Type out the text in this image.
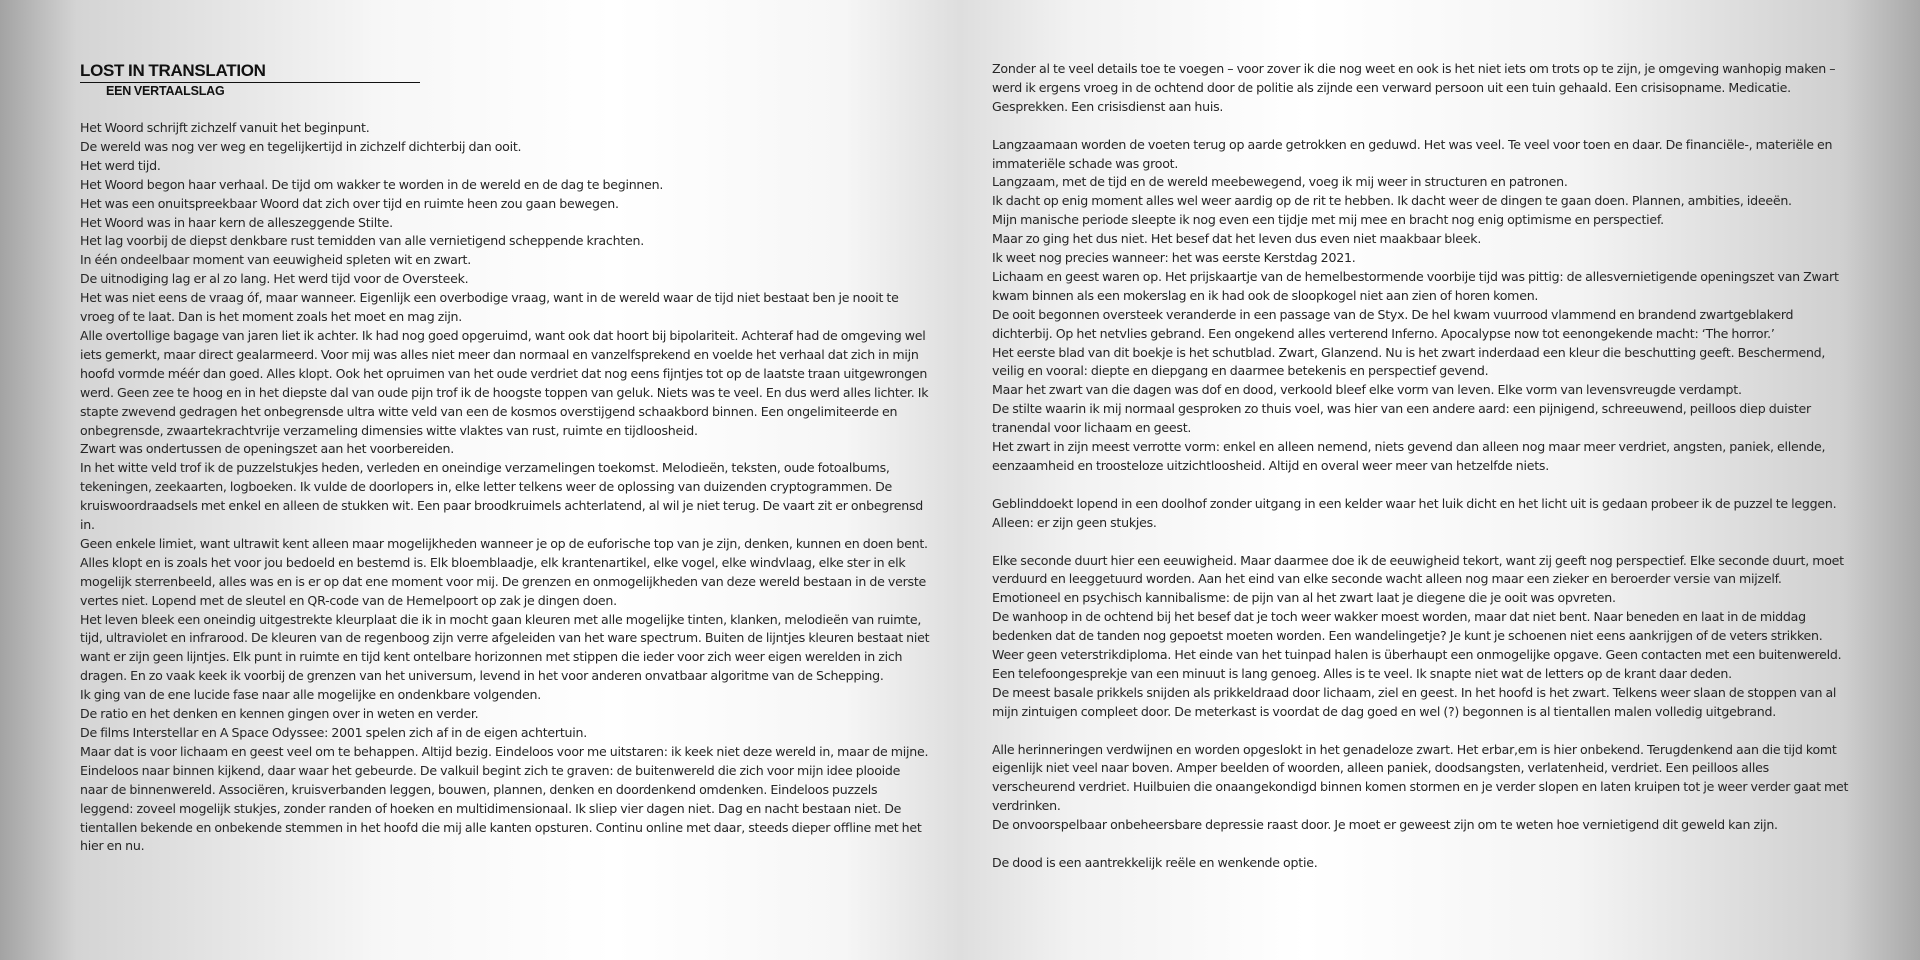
LOST IN TRANSLATION
EEN VERTAALSLAG

Het Woord schrijft zichzelf vanuit het beginpunt.

De wereld was nog ver weg en tegelijkertijd in zichzelf dichterbij dan ooit.

Het werd tijd.

Het Woord begon haar verhaal. De tijd om wakker te worden in de wereld en de dag te beginnen.

Het was een onuitspreekbaar Woord dat zich over tijd en ruimte heen zou gaan bewegen.

Het Woord was in haar kern de alleszeggende Stilte.

Het lag voorbij de diepst denkbare rust temidden van alle vernietigend scheppende krachten.

In één ondeelbaar moment van eeuwigheid spleten wit en zwart.

De uitnodiging lag er al zo lang. Het werd tijd voor de Oversteek.

Het was niet eens de vraag óf, maar wanneer. Eigenlijk een overbodige vraag, want in de wereld waar de tijd niet bestaat ben je nooit te vroeg of te laat. Dan is het moment zoals het moet en mag zijn.

Alle overtollige bagage van jaren liet ik achter. Ik had nog goed opgeruimd, want ook dat hoort bij bipolariteit. Achteraf had de omgeving wel iets gemerkt, maar direct gealarmeerd. Voor mij was alles niet meer dan normaal en vanzelfsprekend en voelde het verhaal dat zich in mijn hoofd vormde méér dan goed. Alles klopt. Ook het opruimen van het oude verdriet dat nog eens fijntjes tot op de laatste traan uitgewrongen werd. Geen zee te hoog en in het diepste dal van oude pijn trof ik de hoogste toppen van geluk. Niets was te veel. En dus werd alles lichter. Ik stapte zwevend gedragen het onbegrensde ultra witte veld van een de kosmos overstijgend schaakbord binnen. Een ongelimiteerde en onbegrensde, zwaartekrachtvrije verzameling dimensies witte vlaktes van rust, ruimte en tijdloosheid.

Zwart was ondertussen de openingszet aan het voorbereiden.

In het witte veld trof ik de puzzelstukjes heden, verleden en oneindige verzamelingen toekomst. Melodieën, teksten, oude fotoalbums, tekeningen, zeekaarten, logboeken. Ik vulde de doorlopers in, elke letter telkens weer de oplossing van duizenden cryptogrammen. De kruiswoordraadsels met enkel en alleen de stukken wit. Een paar broodkruimels achterlatend, al wil je niet terug. De vaart zit er onbegrensd in.

Geen enkele limiet, want ultrawit kent alleen maar mogelijkheden wanneer je op de euforische top van je zijn, denken, kunnen en doen bent. Alles klopt en is zoals het voor jou bedoeld en bestemd is. Elk bloemblaadje, elk krantenartikel, elke vogel, elke windvlaag, elke ster in elk mogelijk sterrenbeeld, alles was en is er op dat ene moment voor mij. De grenzen en onmogelijkheden van deze wereld bestaan in de verste vertes niet. Lopend met de sleutel en QR-code van de Hemelpoort op zak je dingen doen.

Het leven bleek een oneindig uitgestrekte kleurplaat die ik in mocht gaan kleuren met alle mogelijke tinten, klanken, melodieën van ruimte, tijd, ultraviolet en infrarood. De kleuren van de regenboog zijn verre afgeleiden van het ware spectrum. Buiten de lijntjes kleuren bestaat niet want er zijn geen lijntjes. Elk punt in ruimte en tijd kent ontelbare horizonnen met stippen die ieder voor zich weer eigen werelden in zich dragen. En zo vaak keek ik voorbij de grenzen van het universum, levend in het voor anderen onvatbaar algoritme van de Schepping.

Ik ging van de ene lucide fase naar alle mogelijke en ondenkbare volgenden.

De ratio en het denken en kennen gingen over in weten en verder.

De films Interstellar en A Space Odyssee: 2001 spelen zich af in de eigen achtertuin.

Maar dat is voor lichaam en geest veel om te behappen. Altijd bezig. Eindeloos voor me uitstaren: ik keek niet deze wereld in, maar de mijne. Eindeloos naar binnen kijkend, daar waar het gebeurde. De valkuil begint zich te graven: de buitenwereld die zich voor mijn idee plooide naar de binnenwereld. Associëren, kruisverbanden leggen, bouwen, plannen, denken en doordenkend omdenken. Eindeloos puzzels leggend: zoveel mogelijk stukjes, zonder randen of hoeken en multidimensionaal. Ik sliep vier dagen niet. Dag en nacht bestaan niet. De tientallen bekende en onbekende stemmen in het hoofd die mij alle kanten opsturen. Continu online met daar, steeds dieper offline met het hier en nu.

Zonder al te veel details toe te voegen – voor zover ik die nog weet en ook is het niet iets om trots op te zijn, je omgeving wanhopig maken – werd ik ergens vroeg in de ochtend door de politie als zijnde een verward persoon uit een tuin gehaald. Een crisisopname. Medicatie. Gesprekken. Een crisisdienst aan huis.

Langzaamaan worden de voeten terug op aarde getrokken en geduwd. Het was veel. Te veel voor toen en daar. De financiële-, materiële en immateriële schade was groot.

Langzaam, met de tijd en de wereld meebewegend, voeg ik mij weer in structuren en patronen.

Ik dacht op enig moment alles wel weer aardig op de rit te hebben. Ik dacht weer de dingen te gaan doen. Plannen, ambities, ideeën.

Mijn manische periode sleepte ik nog even een tijdje met mij mee en bracht nog enig optimisme en perspectief.

Maar zo ging het dus niet. Het besef dat het leven dus even niet maakbaar bleek.

Ik weet nog precies wanneer: het was eerste Kerstdag 2021.

Lichaam en geest waren op. Het prijskaartje van de hemelbestormende voorbije tijd was pittig: de allesvernietigende openingszet van Zwart kwam binnen als een mokerslag en ik had ook de sloopkogel niet aan zien of horen komen.

De ooit begonnen oversteek veranderde in een passage van de Styx. De hel kwam vuurrood vlammend en brandend zwartgeblakerd dichterbij. Op het netvlies gebrand. Een ongekend alles verterend Inferno. Apocalypse now tot eenongekende macht: ‘The horror.’

Het eerste blad van dit boekje is het schutblad. Zwart, Glanzend. Nu is het zwart inderdaad een kleur die beschutting geeft. Beschermend, veilig en vooral: diepte en diepgang en daarmee betekenis en perspectief gevend.

Maar het zwart van die dagen was dof en dood, verkoold bleef elke vorm van leven. Elke vorm van levensvreugde verdampt.

De stilte waarin ik mij normaal gesproken zo thuis voel, was hier van een andere aard: een pijnigend, schreeuwend, peilloos diep duister tranendal voor lichaam en geest.

Het zwart in zijn meest verrotte vorm: enkel en alleen nemend, niets gevend dan alleen nog maar meer verdriet, angsten, paniek, ellende, eenzaamheid en troosteloze uitzichtloosheid. Altijd en overal weer meer van hetzelfde niets.

Geblinddoekt lopend in een doolhof zonder uitgang in een kelder waar het luik dicht en het licht uit is gedaan probeer ik de puzzel te leggen. Alleen: er zijn geen stukjes.

Elke seconde duurt hier een eeuwigheid. Maar daarmee doe ik de eeuwigheid tekort, want zij geeft nog perspectief. Elke seconde duurt, moet verduurd en leeggetuurd worden. Aan het eind van elke seconde wacht alleen nog maar een zieker en beroerder versie van mijzelf. Emotioneel en psychisch kannibalisme: de pijn van al het zwart laat je diegene die je ooit was opvreten.

De wanhoop in de ochtend bij het besef dat je toch weer wakker moest worden, maar dat niet bent. Naar beneden en laat in de middag bedenken dat de tanden nog gepoetst moeten worden. Een wandelingetje? Je kunt je schoenen niet eens aankrijgen of de veters strikken. Weer geen veterstrikdiploma. Het einde van het tuinpad halen is überhaupt een onmogelijke opgave. Geen contacten met een buitenwereld. Een telefoongesprekje van een minuut is lang genoeg. Alles is te veel. Ik snapte niet wat de letters op de krant daar deden.

De meest basale prikkels snijden als prikkeldraad door lichaam, ziel en geest. In het hoofd is het zwart. Telkens weer slaan de stoppen van al mijn zintuigen compleet door. De meterkast is voordat de dag goed en wel (?) begonnen is al tientallen malen volledig uitgebrand.

Alle herinneringen verdwijnen en worden opgeslokt in het genadeloze zwart. Het erbar,em is hier onbekend. Terugdenkend aan die tijd komt eigenlijk niet veel naar boven. Amper beelden of woorden, alleen paniek, doodsangsten, verlatenheid, verdriet. Een peilloos alles verscheurend verdriet. Huilbuien die onaangekondigd binnen komen stormen en je verder slopen en laten kruipen tot je weer verder gaat met verdrinken.

De onvoorspelbaar onbeheersbare depressie raast door. Je moet er geweest zijn om te weten hoe vernietigend dit geweld kan zijn.

De dood is een aantrekkelijk reële en wenkende optie.
